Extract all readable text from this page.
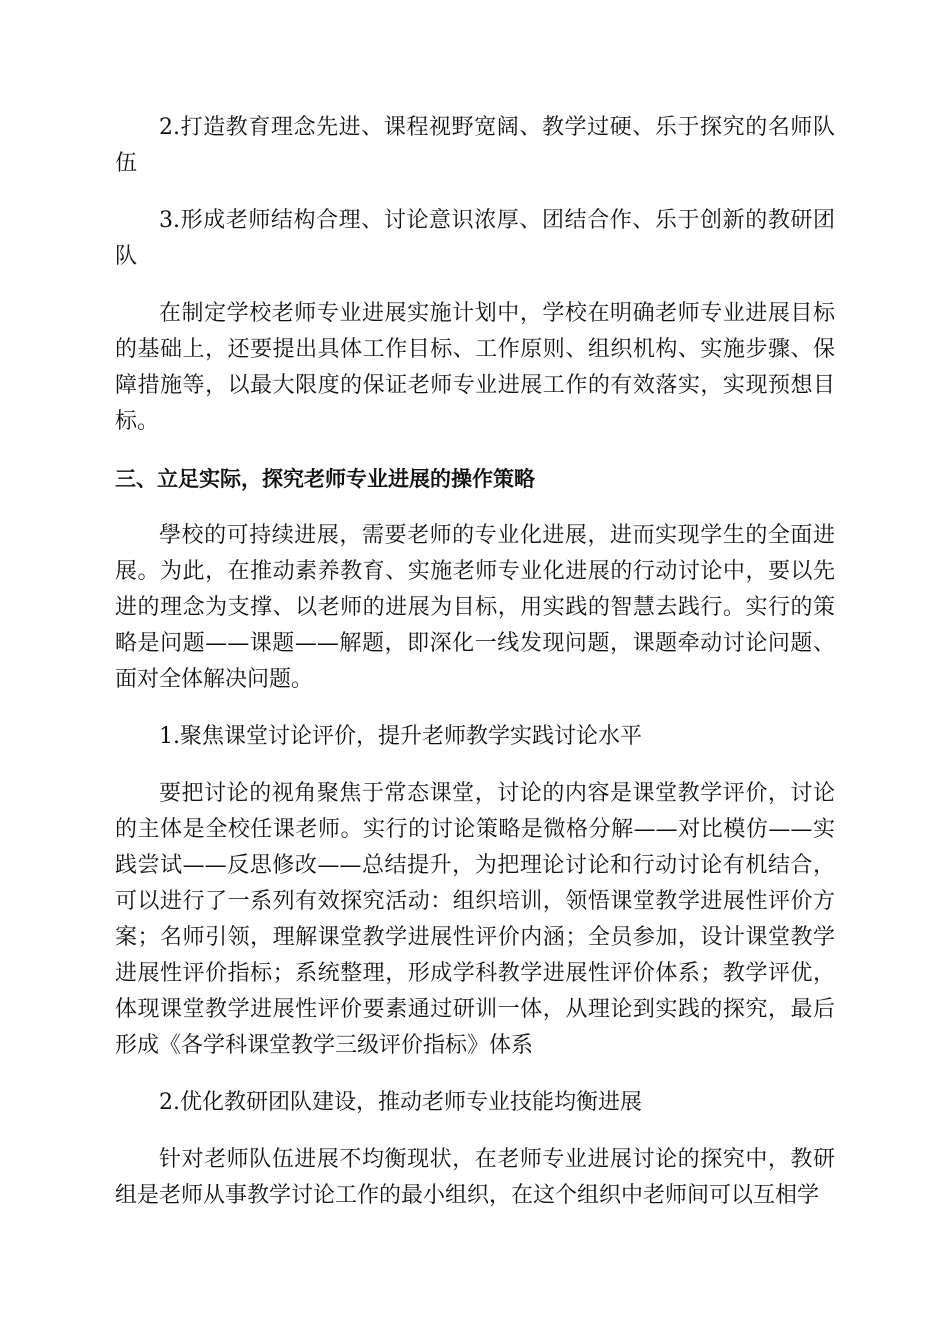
2.打造教育理念先进、课程视野宽阔、教学过硬、乐于探究的名师队伍

3.形成老师结构合理、讨论意识浓厚、团结合作、乐于创新的教研团队

在制定学校老师专业进展实施计划中，学校在明确老师专业进展目标的基础上，还要提出具体工作目标、工作原则、组织机构、实施步骤、保障措施等，以最大限度的保证老师专业进展工作的有效落实，实现预想目标。

三、立足实际，探究老师专业进展的操作策略

學校的可持续进展，需要老师的专业化进展，进而实现学生的全面进展。为此，在推动素养教育、实施老师专业化进展的行动讨论中，要以先进的理念为支撑、以老师的进展为目标，用实践的智慧去践行。实行的策略是问题——课题——解题，即深化一线发现问题，课题牵动讨论问题、面对全体解决问题。

1.聚焦课堂讨论评价，提升老师教学实践讨论水平

要把讨论的视角聚焦于常态课堂，讨论的内容是课堂教学评价，讨论的主体是全校任课老师。实行的讨论策略是微格分解——对比模仿——实践尝试——反思修改——总结提升，为把理论讨论和行动讨论有机结合，可以进行了一系列有效探究活动：组织培训，领悟课堂教学进展性评价方案；名师引领，理解课堂教学进展性评价内涵；全员参加，设计课堂教学进展性评价指标；系统整理，形成学科教学进展性评价体系；教学评优，体现课堂教学进展性评价要素通过研训一体，从理论到实践的探究，最后形成《各学科课堂教学三级评价指标》体系

2.优化教研团队建设，推动老师专业技能均衡进展

针对老师队伍进展不均衡现状，在老师专业进展讨论的探究中，教研组是老师从事教学讨论工作的最小组织，在这个组织中老师间可以互相学
